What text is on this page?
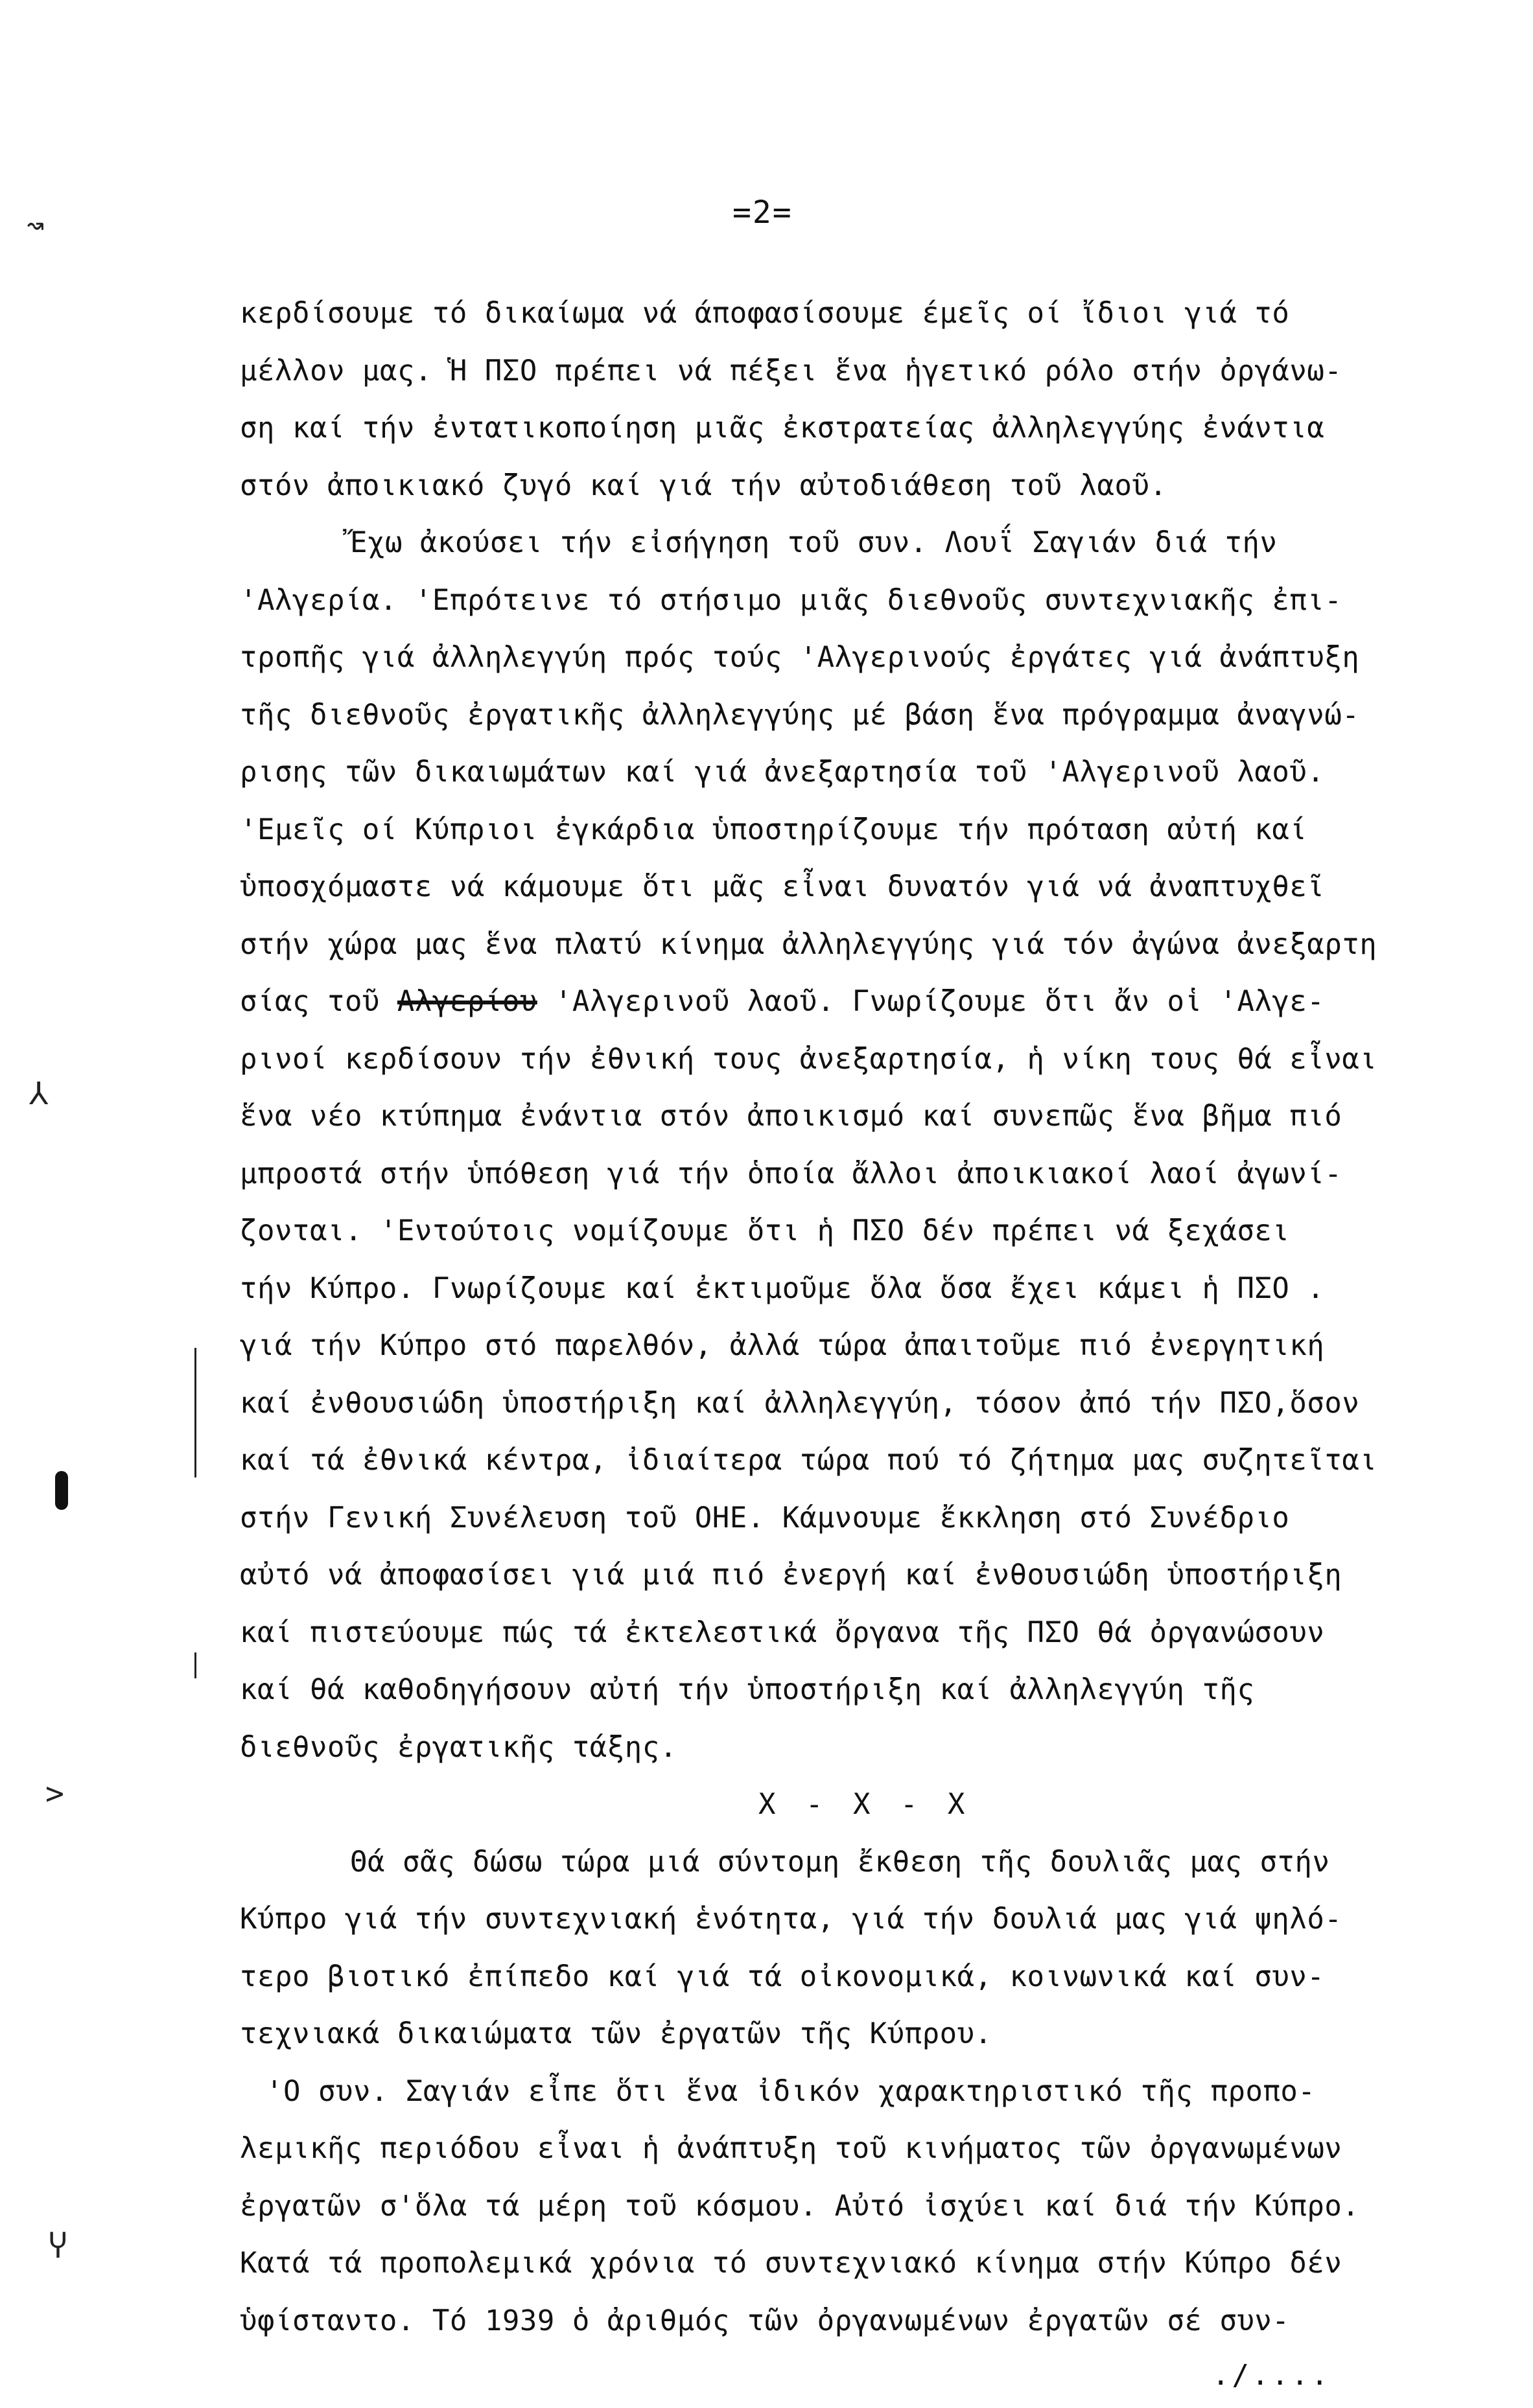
↝
⅄
>
Ⴤ
=2=
κερδίσουμε τό δικαίωμα νά άποφασίσουμε έμεῖς οί ἴδιοι γιά τό
μέλλον μας. Ἡ ΠΣΟ πρέπει νά πέξει ἕνα ἡγετικό ρόλο στήν ὀργάνω-
ση καί τήν ἐντατικοποίηση μιᾶς ἐκστρατείας ἀλληλεγγύης ἐνάντια
στόν ἀποικιακό ζυγό καί γιά τήν αὐτοδιάθεση τοῦ λαοῦ.
Ἔχω ἀκούσει τήν εἰσήγηση τοῦ συν. Λουΐ Σαγιάν διά τήν
'Αλγερία. 'Επρότεινε τό στήσιμο μιᾶς διεθνοῦς συντεχνιακῆς ἐπι-
τροπῆς γιά ἀλληλεγγύη πρός τούς 'Αλγερινούς ἐργάτες γιά ἀνάπτυξη
τῆς διεθνοῦς ἐργατικῆς ἀλληλεγγύης μέ βάση ἕνα πρόγραμμα ἀναγνώ-
ρισης τῶν δικαιωμάτων καί γιά ἀνεξαρτησία τοῦ 'Αλγερινοῦ λαοῦ.
'Εμεῖς οί Κύπριοι ἐγκάρδια ὑποστηρίζουμε τήν πρόταση αὐτή καί
ὑποσχόμαστε νά κάμουμε ὅτι μᾶς εἶναι δυνατόν γιά νά ἀναπτυχθεῖ
στήν χώρα μας ἕνα πλατύ κίνημα ἀλληλεγγύης γιά τόν ἀγώνα ἀνεξαρτη
σίας τοῦ Αλγερίου 'Αλγερινοῦ λαοῦ. Γνωρίζουμε ὅτι ἄν οἱ 'Αλγε-
ρινοί κερδίσουν τήν ἐθνική τους ἀνεξαρτησία, ἡ νίκη τους θά εἶναι
ἕνα νέο κτύπημα ἐνάντια στόν ἀποικισμό καί συνεπῶς ἕνα βῆμα πιό
μπροστά στήν ὑπόθεση γιά τήν ὁποία ἄλλοι ἀποικιακοί λαοί ἀγωνί-
ζονται. 'Εντούτοις νομίζουμε ὅτι ἡ ΠΣΟ δέν πρέπει νά ξεχάσει
τήν Κύπρο. Γνωρίζουμε καί ἐκτιμοῦμε ὅλα ὅσα ἔχει κάμει ἡ ΠΣΟ .
γιά τήν Κύπρο στό παρελθόν, ἀλλά τώρα ἀπαιτοῦμε πιό ἐνεργητική
καί ἐνθουσιώδη ὑποστήριξη καί ἀλληλεγγύη, τόσον ἀπό τήν ΠΣΟ,ὅσον
καί τά ἐθνικά κέντρα, ἰδιαίτερα τώρα πού τό ζήτημα μας συζητεῖται
στήν Γενική Συνέλευση τοῦ ΟΗΕ. Κάμνουμε ἔκκληση στό Συνέδριο
αὐτό νά ἀποφασίσει γιά μιά πιό ἐνεργή καί ἐνθουσιώδη ὑποστήριξη
καί πιστεύουμε πώς τά ἐκτελεστικά ὄργανα τῆς ΠΣΟ θά ὀργανώσουν
καί θά καθοδηγήσουν αὐτή τήν ὑποστήριξη καί ἀλληλεγγύη τῆς
διεθνοῦς ἐργατικῆς τάξης.
Χ - Χ - Χ
Θά σᾶς δώσω τώρα μιά σύντομη ἔκθεση τῆς δουλιᾶς μας στήν
Κύπρο γιά τήν συντεχνιακή ἑνότητα, γιά τήν δουλιά μας γιά ψηλό-
τερο βιοτικό ἐπίπεδο καί γιά τά οἰκονομικά, κοινωνικά καί συν-
τεχνιακά δικαιώματα τῶν ἐργατῶν τῆς Κύπρου.
'Ο συν. Σαγιάν εἶπε ὅτι ἕνα ἰδικόν χαρακτηριστικό τῆς προπο-
λεμικῆς περιόδου εἶναι ἡ ἀνάπτυξη τοῦ κινήματος τῶν ὀργανωμένων
ἐργατῶν σ'ὅλα τά μέρη τοῦ κόσμου. Αὐτό ἰσχύει καί διά τήν Κύπρο.
Κατά τά προπολεμικά χρόνια τό συντεχνιακό κίνημα στήν Κύπρο δέν
ὑφίσταντο. Τό 1939 ὁ ἀριθμός τῶν ὀργανωμένων ἐργατῶν σέ συν-
./....
